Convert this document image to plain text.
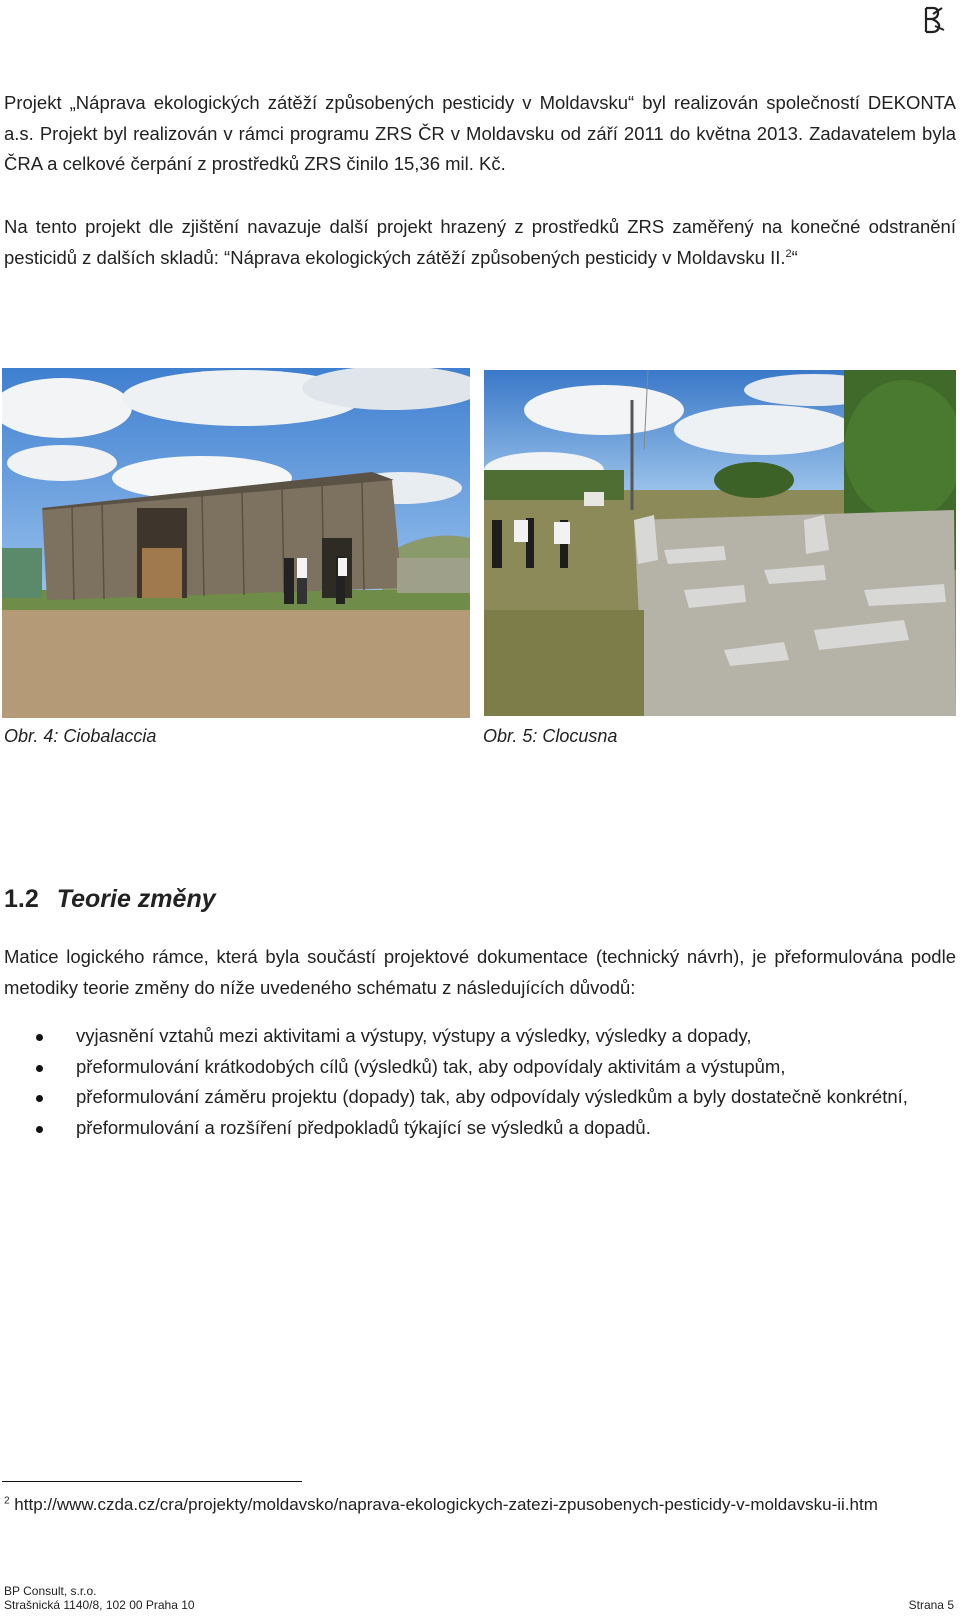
Projekt „Náprava ekologických zátěží způsobených pesticidy v Moldavsku“ byl realizován společností DEKONTA a.s. Projekt byl realizován v rámci programu ZRS ČR v Moldavsku od září 2011 do května 2013. Zadavatelem byla ČRA a celkové čerpání z prostředků ZRS činilo 15,36 mil. Kč.

Na tento projekt dle zjištění navazuje další projekt hrazený z prostředků ZRS zaměřený na konečné odstranění pesticidů z dalších skladů: “Náprava ekologických zátěží způsobených pesticidy v Moldavsku II.$^2$“

Obr. 4: Ciobalaccia	Obr. 5: Clocusna
1.2 Teorie změny

Matice logického rámce, která byla součástí projektové dokumentace (technický návrh), je přeformulována podle metodiky teorie změny do níže uvedeného schématu z následujících důvodů:

vyjasnění vztahů mezi aktivitami a výstupy, výstupy a výsledky, výsledky a dopady,
přeformulování krátkodobých cílů (výsledků) tak, aby odpovídaly aktivitám a výstupům,
přeformulování záměru projektu (dopady) tak, aby odpovídaly výsledkům a byly dostatečně konkrétní,
přeformulování a rozšíření předpokladů týkající se výsledků a dopadů.

$^2$ http://www.czda.cz/cra/projekty/moldavsko/naprava-ekologickych-zatezi-zpusobenych-pesticidy-v-moldavsku-ii.htm

BP Consult, s.r.o.
Strašnická 1140/8, 102 00 Praha 10	Strana 5
